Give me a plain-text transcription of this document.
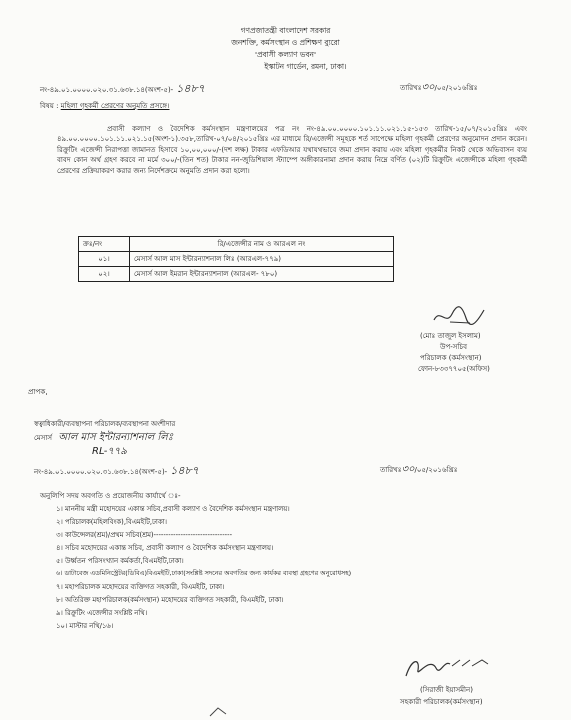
গণপ্রজাতন্ত্রী বাংলাদেশ সরকার
জনশক্তি, কর্মসংস্থান ও প্রশিক্ষণ ব্যুরো
'প্রবাসী কল্যাণ ভবন'
ইস্কাটন গার্ডেন, রমনা, ঢাকা।
নং-৪৯.০১.০০০০.০২০.৩১.৬৩৮.১৪(অংশ-৫)- ১৪৮৭	তারিখঃ৩০/০৫/২০১৬খ্রিঃ
বিষয় : মহিলা গৃহকর্মী প্রেরণের অনুমতি প্রসঙ্গে।
প্রবাসী কল্যাণ ও বৈদেশিক কর্মসংস্থান মন্ত্রণালয়ের পত্র নং নং-৪৯.০০.০০০০.১০১.১১.০২১.১৫-১৫৩ তারিখ-১৫/০৭/২০১৫খ্রিঃ এবং ৪৯.০০.০০০০.১০১.১১.০২১.১৫(অংশ-১).৩৫৮,তারিখ-০৭/০৪/২০১৫খ্রিঃ এর মাধ্যমে রি/এজেন্সী সমূহকে শর্ত সাপেক্ষে মহিলা গৃহকর্মী প্রেরণের অনুমোদন প্রদান করেন। রিক্রুটিং এজেন্সী নিরাপত্তা জামানত হিসাবে ১০,০০,০০০/-(দশ লক্ষ) টাকার এফডিআর যথাযথভাবে জমা প্রদান করায় এবং মহিলা গৃহকর্মীর নিকট থেকে অভিবাসন ব্যয় বাবদ কোন অর্থ গ্রহণ করবে না মর্মে ৩০০/-(তিন শত) টাকার নন-জুডিশিয়াল স্ট্যাম্পে অঙ্গীকারনামা প্রদান করায় নিম্নে বর্ণিত (০২)টি রিক্রুটিং এজেন্সীকে মহিলা গৃহকর্মী প্রেরণের প্রক্রিয়াকরণ করার জন্য নির্দেশক্রমে অনুমতি প্রদান করা হলো।
ক্রঃ/নং	রি/এজেন্সীর নাম ও আরএল নং
০১।	মেসার্স আল মাস ইন্টারন্যাশনাল লিঃ (আরএল-৭৭৯)
০২।	মেসার্স আল ইমরান ইন্টারন্যাশনাল (আরএল- ৭৮০)
(মোঃ তাজুল ইসলাম)
উপ-সচিব
পরিচালক (কর্মসংস্থান)
ফোন-৮৩৩৭৭০৫(অফিস)
প্রাপক,
স্বত্বাধিকারী/ব্যবস্থাপনা পরিচালক/ব্যবস্থাপনা অংশীদার
মেসার্স আল মাস ইন্টারন্যাশনাল লিঃ
RL-৭৭৯
নং-৪৯.০১.০০০০.০২০.৩১.৬৩৮.১৪(অংশ-৫)- ১৪৮৭	তারিখঃ৩০/০৫/২০১৬খ্রিঃ
অনুলিপি সদয় অবগতি ও প্রয়োজনীয় কার্যার্থে ঃ-
১। মাননীয় মন্ত্রী মহোদয়ের একান্ত সচিব,প্রবাসী কল্যাণ ও বৈদেশিক কর্মসংস্থান মন্ত্রণালয়।
২। পরিচালক(মহিলবিংক),বিএমইটি,ঢাকা।
৩। কাউন্সেলর(শ্রম)/প্রথম সচিব(শ্রম)--------------------------------
৪। সচিব মহোদয়ের একান্ত সচিব, প্রবাসী কল্যাণ ও বৈদেশিক কর্মসংস্থান মন্ত্রণালয়।
৫। উর্ধ্বতন পরিসংখ্যান কর্মকর্তা,বিএমইটি,ঢাকা।
৬। ডাটাবেজ এডমিনিস্ট্রেটর(ডিবিএ)বিএমইটি,ঢাকা(সংশ্লিষ্ট সদনের অবগতির জন্য কার্যকর ব্যবস্থা গ্রহণের অনুরোধসহ)
৭। মহাপরিচালক মহোদয়ের ব্যক্তিগত সহকারী, বিএমইটি, ঢাকা।
৮। অতিরিক্ত মহাপরিচালক(কর্মসংস্থান) মহোদয়ের ব্যক্তিগত সহকারী, বিএমইটি, ঢাকা।
৯। রিক্রুটিং এজেন্সীর সংশ্লিষ্ট নথি।
১০। মাস্টার নথি/১৬।
(সিরাজী ইয়াসমীন)
সহকারী পরিচালক(কর্মসংস্থান)
